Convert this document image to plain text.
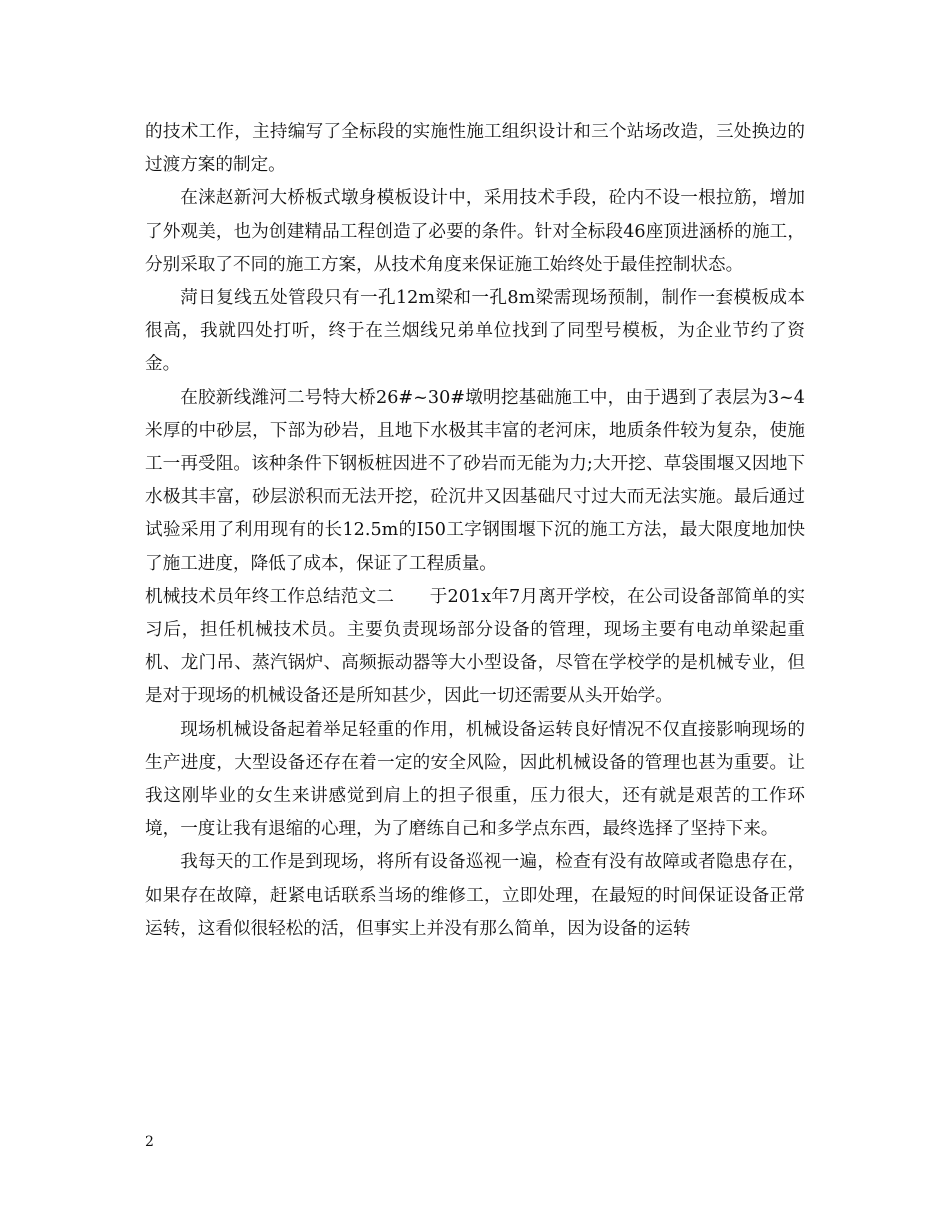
的技术工作，主持编写了全标段的实施性施工组织设计和三个站场改造，三处换边的过渡方案的制定。

在涞赵新河大桥板式墩身模板设计中，采用技术手段，砼内不设一根拉筋，增加了外观美，也为创建精品工程创造了必要的条件。针对全标段46座顶进涵桥的施工，分别采取了不同的施工方案，从技术角度来保证施工始终处于最佳控制状态。

菏日复线五处管段只有一孔12m梁和一孔8m梁需现场预制，制作一套模板成本很高，我就四处打听，终于在兰烟线兄弟单位找到了同型号模板，为企业节约了资金。

在胶新线潍河二号特大桥26#~30#墩明挖基础施工中，由于遇到了表层为3~4米厚的中砂层，下部为砂岩，且地下水极其丰富的老河床，地质条件较为复杂，使施工一再受阻。该种条件下钢板桩因进不了砂岩而无能为力;大开挖、草袋围堰又因地下水极其丰富，砂层淤积而无法开挖，砼沉井又因基础尺寸过大而无法实施。最后通过试验采用了利用现有的长12.5m的I50工字钢围堰下沉的施工方法，最大限度地加快了施工进度，降低了成本，保证了工程质量。

机械技术员年终工作总结范文二　　于201x年7月离开学校，在公司设备部简单的实习后，担任机械技术员。主要负责现场部分设备的管理，现场主要有电动单梁起重机、龙门吊、蒸汽锅炉、高频振动器等大小型设备，尽管在学校学的是机械专业，但是对于现场的机械设备还是所知甚少，因此一切还需要从头开始学。

现场机械设备起着举足轻重的作用，机械设备运转良好情况不仅直接影响现场的生产进度，大型设备还存在着一定的安全风险，因此机械设备的管理也甚为重要。让我这刚毕业的女生来讲感觉到肩上的担子很重，压力很大，还有就是艰苦的工作环境，一度让我有退缩的心理，为了磨练自己和多学点东西，最终选择了坚持下来。

我每天的工作是到现场，将所有设备巡视一遍，检查有没有故障或者隐患存在，如果存在故障，赶紧电话联系当场的维修工，立即处理，在最短的时间保证设备正常运转，这看似很轻松的活，但事实上并没有那么简单，因为设备的运转

2
